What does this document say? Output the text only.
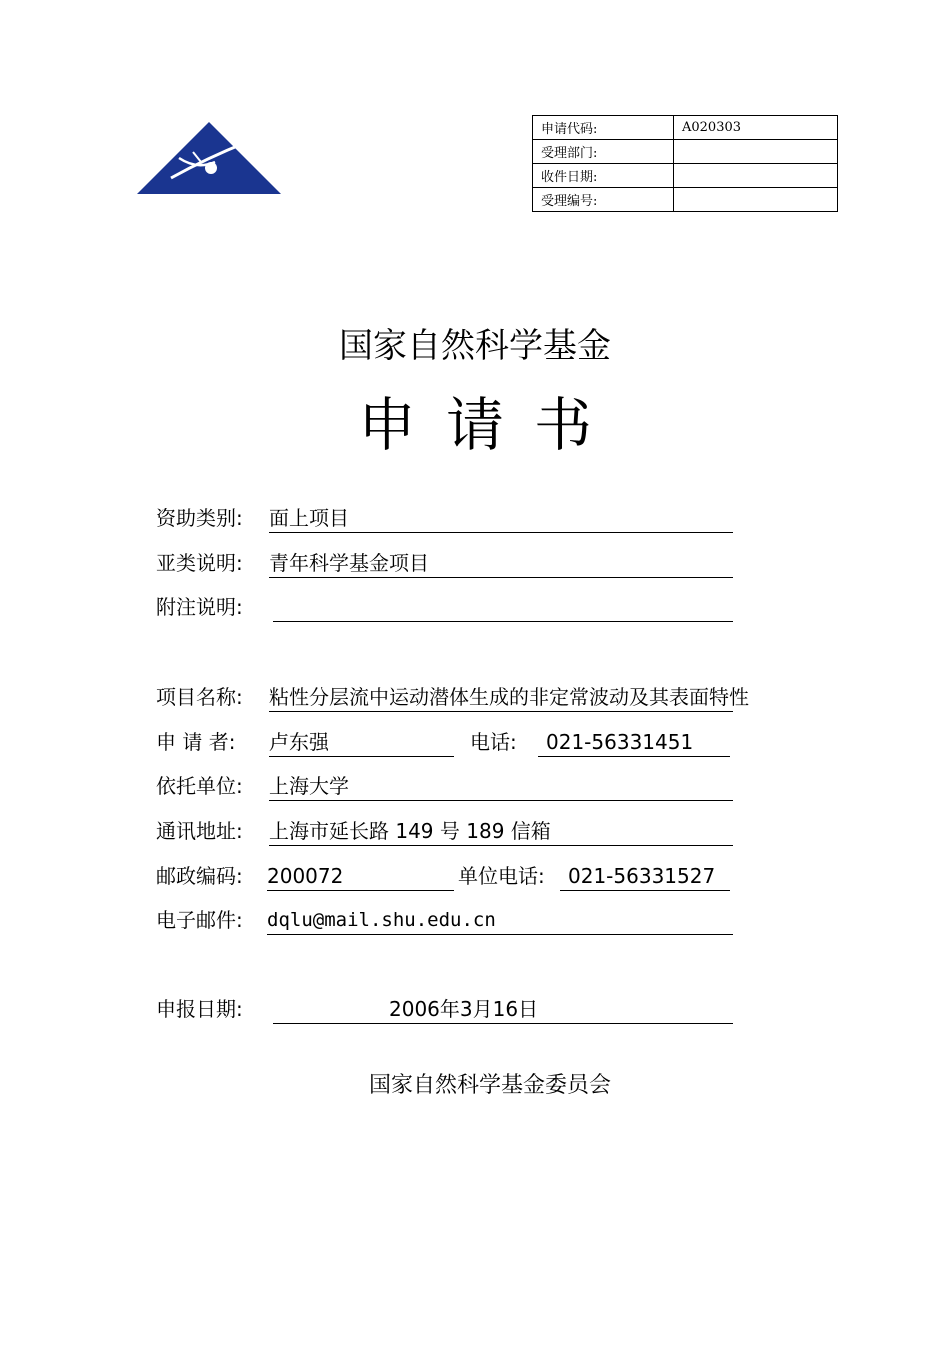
申请代码:	A020303
受理部门:	
收件日期:	
受理编号:	
国家自然科学基金
申请书
资助类别: 面上项目
亚类说明: 青年科学基金项目
附注说明:
项目名称: 粘性分层流中运动潜体生成的非定常波动及其表面特性
申 请 者: 卢东强	电话: 021-56331451
依托单位: 上海大学
通讯地址: 上海市延长路 149 号 189 信箱
邮政编码: 200072	单位电话: 021-56331527
电子邮件: dqlu@mail.shu.edu.cn
申报日期:	2006年3月16日
国家自然科学基金委员会
